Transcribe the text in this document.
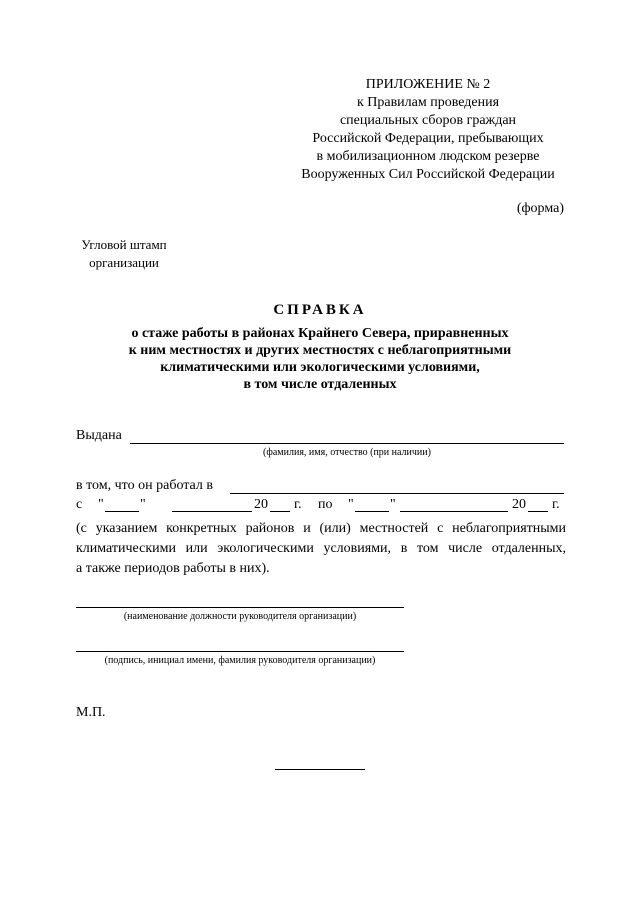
ПРИЛОЖЕНИЕ № 2
к Правилам проведения
специальных сборов граждан
Российской Федерации, пребывающих
в мобилизационном людском резерве
Вооруженных Сил Российской Федерации
(форма)
Угловой штамп
организации
СПРАВКА
о стаже работы в районах Крайнего Севера, приравненных
к ним местностях и других местностях с неблагоприятными
климатическими или экологическими условиями,
в том числе отдаленных
Выдана
(фамилия, имя, отчество (при наличии)
в том, что он работал в
с "	"	20 г. по "	"	20 г.
(с указанием конкретных районов и (или) местностей с неблагоприятными
климатическими или экологическими условиями, в том числе отдаленных,
а также периодов работы в них).
(наименование должности руководителя организации)
(подпись, инициал имени, фамилия руководителя организации)
М.П.
